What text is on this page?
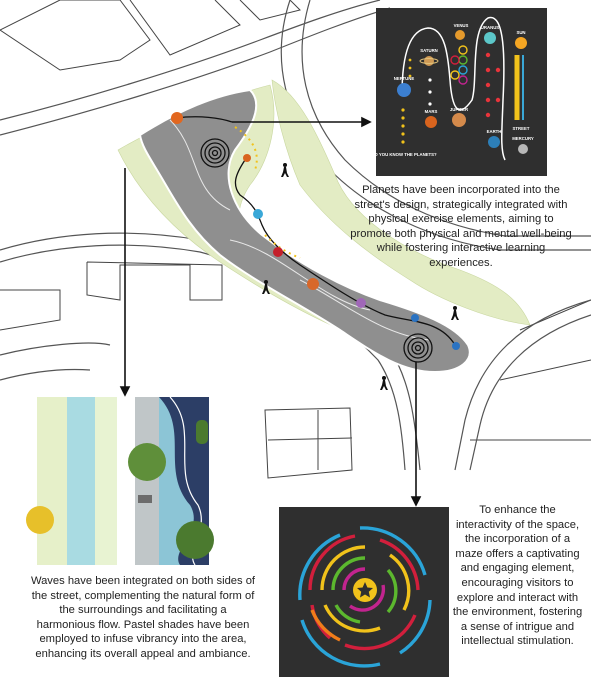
VENUS	URANUS
SUN
SATURN
NEPTUNE
MARS	JUPITER
EARTH
STREET
MERCURY
DO YOU KNOW THE PLANETS?
Planets have been incorporated into the street's design, strategically integrated with physical exercise elements, aiming to promote both physical and mental well-being while fostering interactive learning experiences.
Waves have been integrated on both sides of the street, complementing the natural form of the surroundings and facilitating a harmonious flow. Pastel shades have been employed to infuse vibrancy into the area, enhancing its overall appeal and ambiance.
To enhance the interactivity of the space, the incorporation of a maze offers a captivating and engaging element, encouraging visitors to explore and interact with the environment, fostering a sense of intrigue and intellectual stimulation.
